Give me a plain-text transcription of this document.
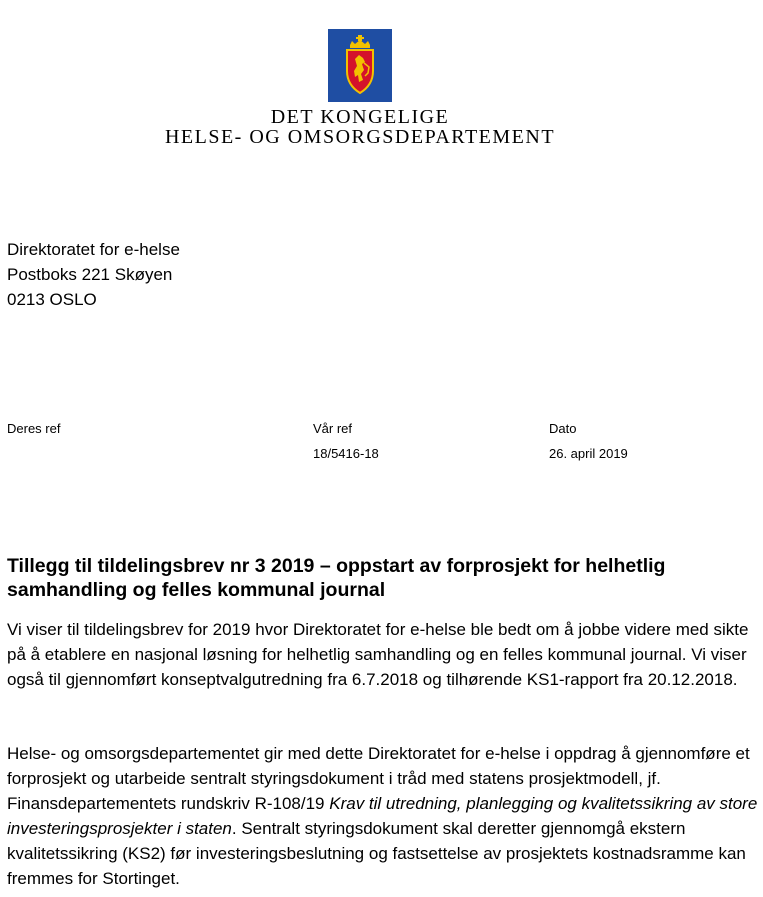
DET KONGELIGE
HELSE- OG OMSORGSDEPARTEMENT
Direktoratet for e-helse
Postboks 221 Skøyen
0213 OSLO
Deres ref	Vår ref
18/5416-18
Dato
26. april 2019
Tillegg til tildelingsbrev nr 3 2019 – oppstart av forprosjekt for helhetlig samhandling og felles kommunal journal

Vi viser til tildelingsbrev for 2019 hvor Direktoratet for e-helse ble bedt om å jobbe videre med sikte på å etablere en nasjonal løsning for helhetlig samhandling og en felles kommunal journal. Vi viser også til gjennomført konseptvalgutredning fra 6.7.2018 og tilhørende KS1-rapport fra 20.12.2018.

Helse- og omsorgsdepartementet gir med dette Direktoratet for e-helse i oppdrag å gjennomføre et forprosjekt og utarbeide sentralt styringsdokument i tråd med statens prosjektmodell, jf. Finansdepartementets rundskriv R-108/19 Krav til utredning, planlegging og kvalitetssikring av store investeringsprosjekter i staten. Sentralt styringsdokument skal deretter gjennomgå ekstern kvalitetssikring (KS2) før investeringsbeslutning og fastsettelse av prosjektets kostnadsramme kan fremmes for Stortinget.
